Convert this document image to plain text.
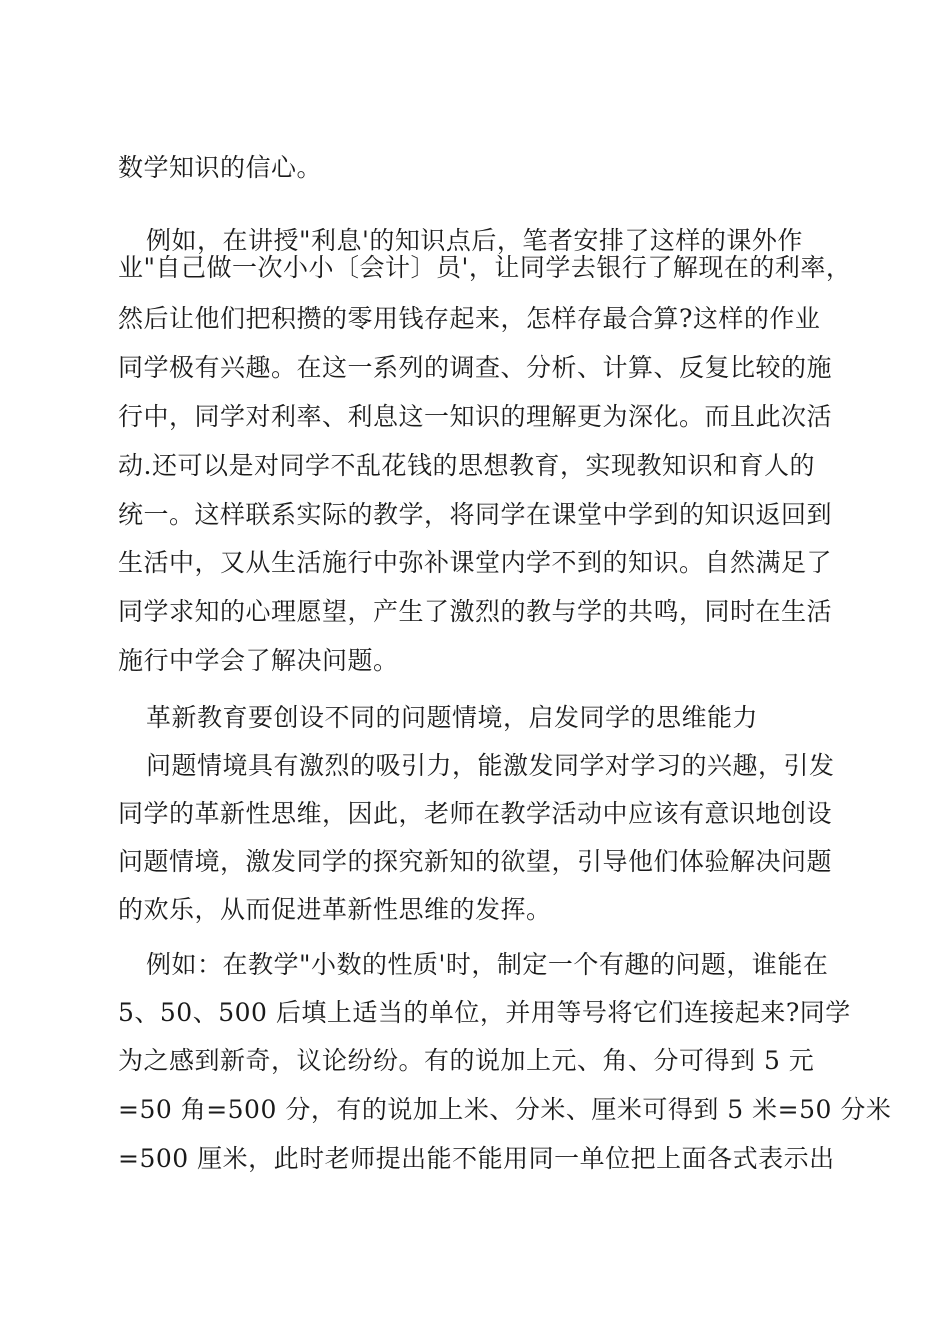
数学知识的信心。
例如，在讲授"利息'的知识点后，笔者安排了这样的课外作
业"自己做一次小小〔会计〕员'，让同学去银行了解现在的利率，
然后让他们把积攒的零用钱存起来，怎样存最合算?这样的作业
同学极有兴趣。在这一系列的调查、分析、计算、反复比较的施
行中，同学对利率、利息这一知识的理解更为深化。而且此次活
动.还可以是对同学不乱花钱的思想教育，实现教知识和育人的
统一。这样联系实际的教学，将同学在课堂中学到的知识返回到
生活中，又从生活施行中弥补课堂内学不到的知识。自然满足了
同学求知的心理愿望，产生了激烈的教与学的共鸣，同时在生活
施行中学会了解决问题。
革新教育要创设不同的问题情境，启发同学的思维能力
问题情境具有激烈的吸引力，能激发同学对学习的兴趣，引发
同学的革新性思维，因此，老师在教学活动中应该有意识地创设
问题情境，激发同学的探究新知的欲望，引导他们体验解决问题
的欢乐，从而促进革新性思维的发挥。
例如：在教学"小数的性质'时，制定一个有趣的问题，谁能在
5、50、500 后填上适当的单位，并用等号将它们连接起来?同学
为之感到新奇，议论纷纷。有的说加上元、角、分可得到 5 元
=50 角=500 分，有的说加上米、分米、厘米可得到 5 米=50 分米
=500 厘米，此时老师提出能不能用同一单位把上面各式表示出
